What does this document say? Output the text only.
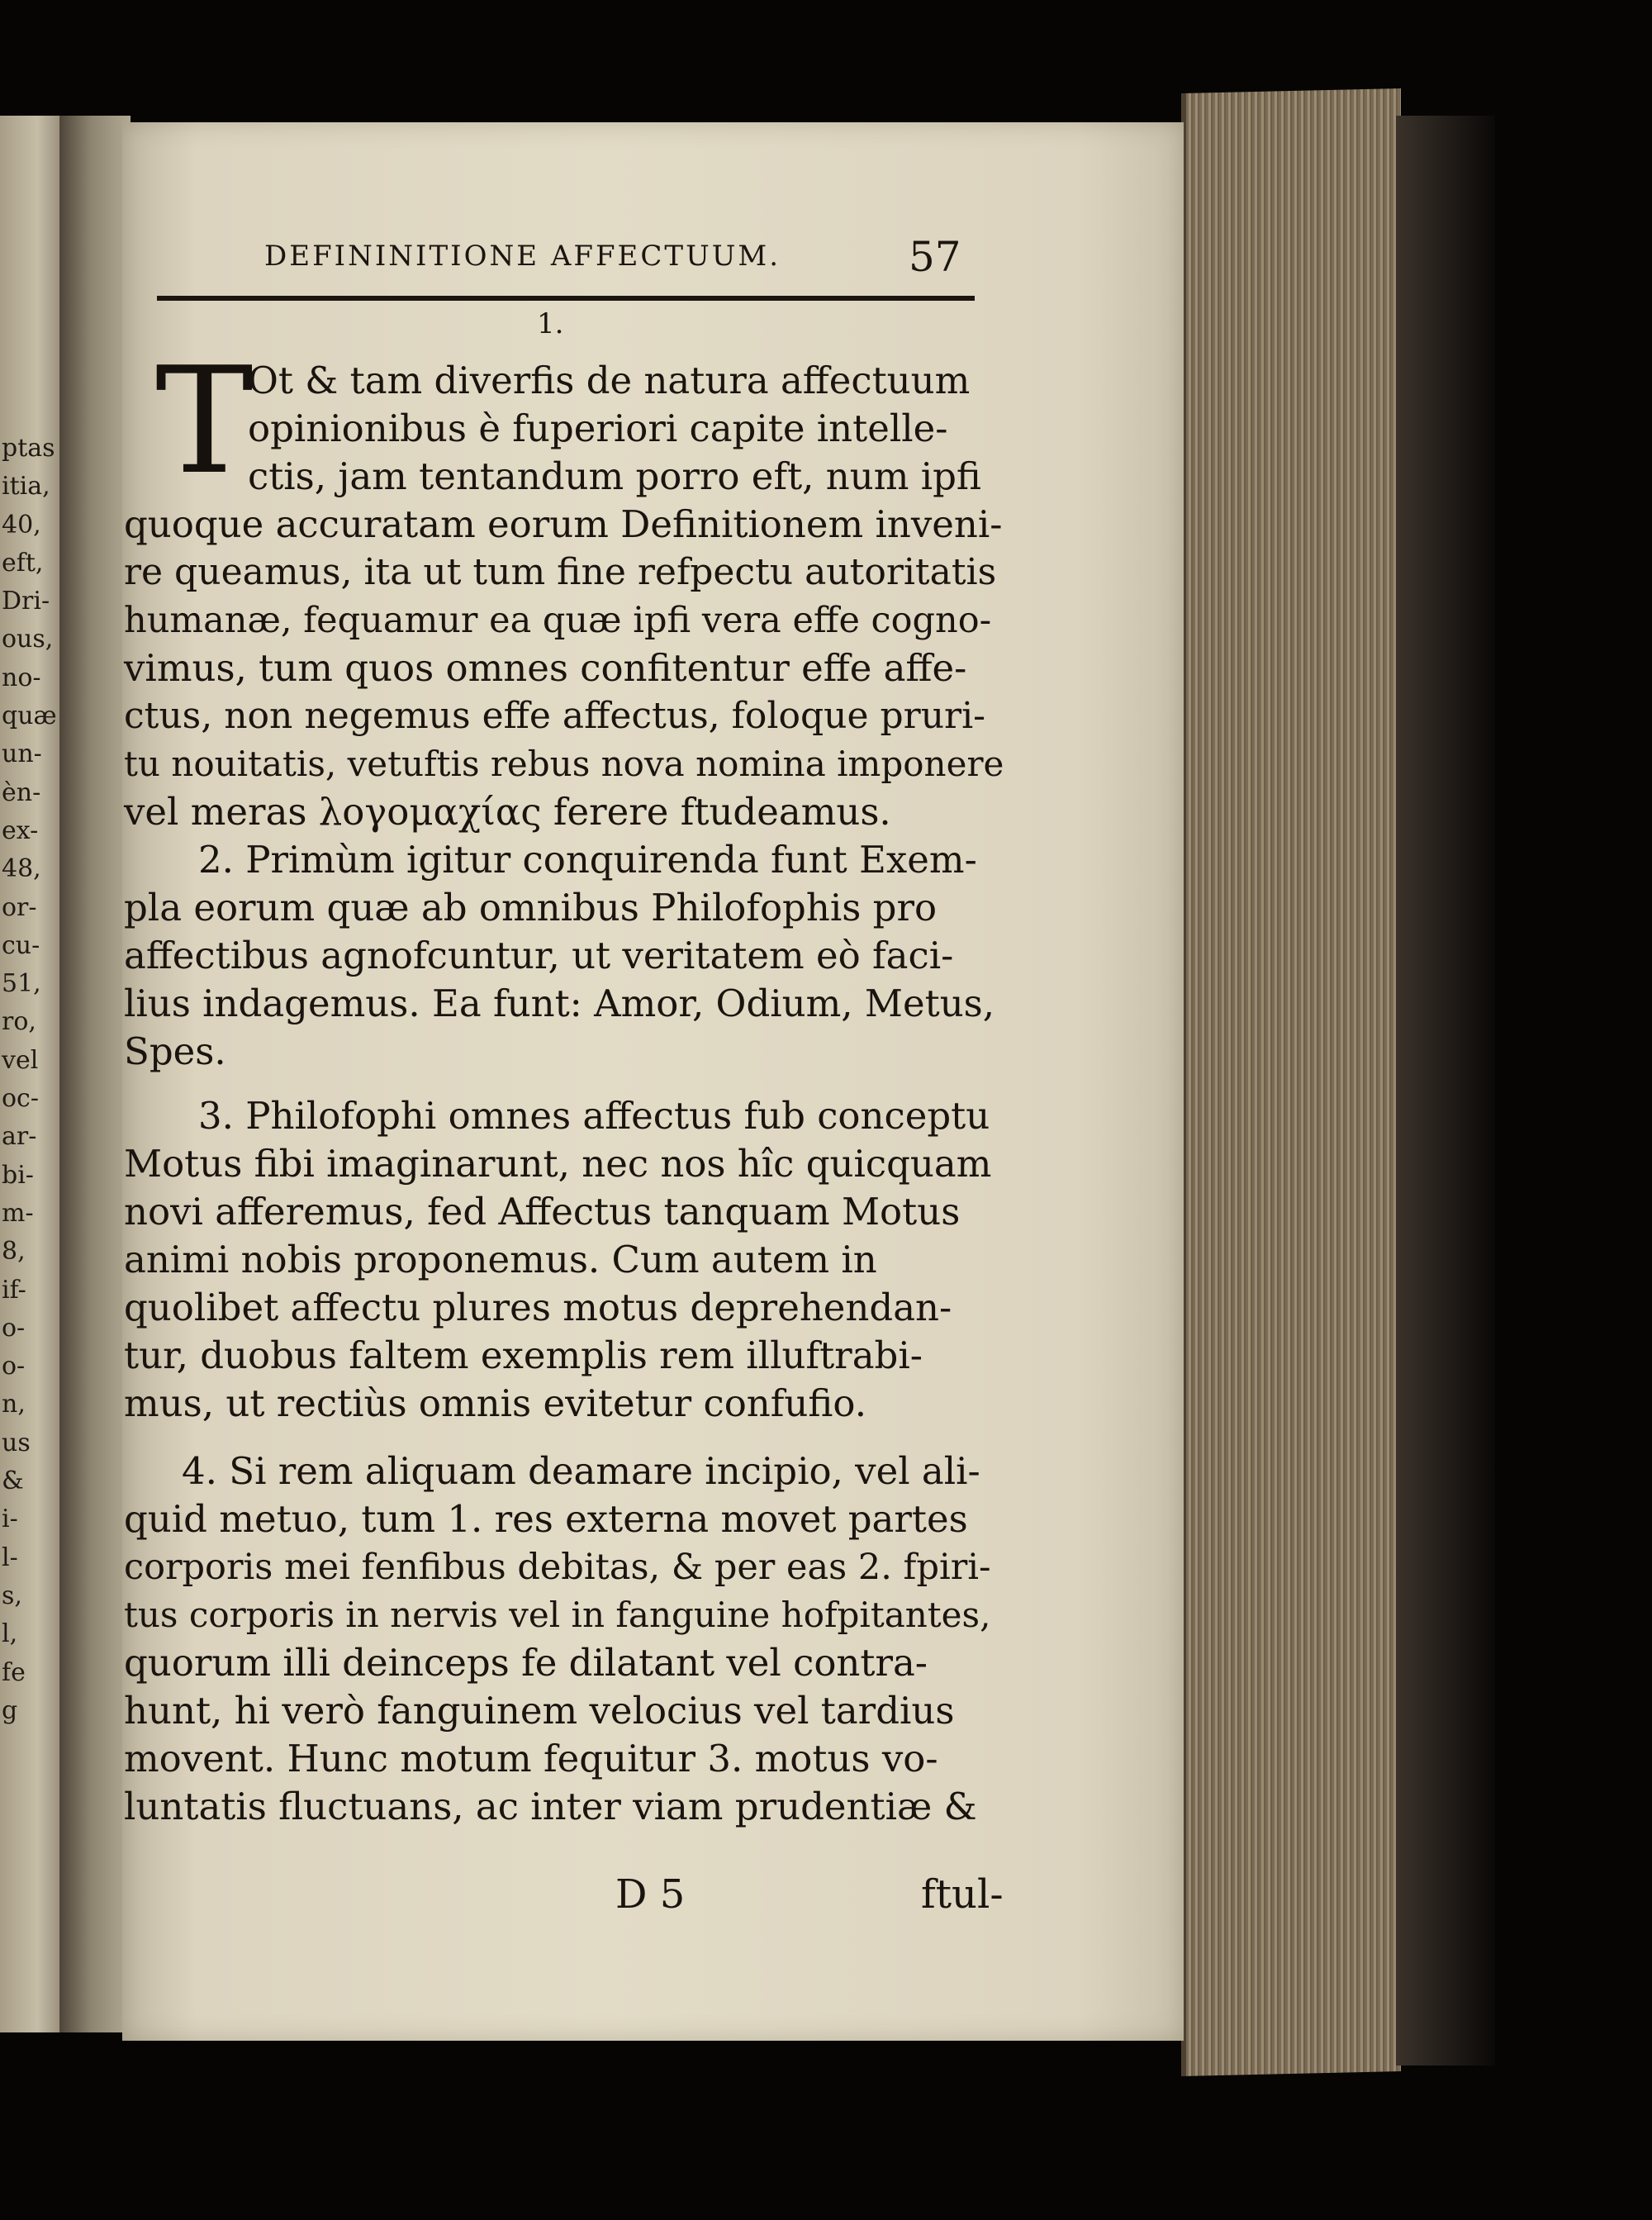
ptas
itia,
40,
eft,
Dri-
ous,
no-
quæ
un-
èn-
ex-
48,
or-
cu-
51,
ro,
vel
oc-
ar-
bi-
m-
8,
if-
o-
o-
n,
us
&
i-
l-
s,
l,
fe
g
DEFININITIONE AFFECTUUM.	57
1.
T
Ot & tam diverfis de natura affectuum
opinionibus è fuperiori capite intelle-
ctis, jam tentandum porro eft, num ipfi
quoque accuratam eorum Definitionem inveni-
re queamus, ita ut tum fine refpectu autoritatis
humanæ, fequamur ea quæ ipfi vera effe cogno-
vimus, tum quos omnes confitentur effe affe-
ctus, non negemus effe affectus, foloque pruri-
tu nouitatis, vetuftis rebus nova nomina imponere
vel meras λογομαχίας ferere ftudeamus.
2. Primùm igitur conquirenda funt Exem-
pla eorum quæ ab omnibus Philofophis pro
affectibus agnofcuntur, ut veritatem eò faci-
lius indagemus. Ea funt: Amor, Odium, Metus,
Spes.
3. Philofophi omnes affectus fub conceptu
Motus fibi imaginarunt, nec nos hîc quicquam
novi afferemus, fed Affectus tanquam Motus
animi nobis proponemus. Cum autem in
quolibet affectu plures motus deprehendan-
tur, duobus faltem exemplis rem illuftrabi-
mus, ut rectiùs omnis evitetur confufio.
4. Si rem aliquam deamare incipio, vel ali-
quid metuo, tum 1. res externa movet partes
corporis mei fenfibus debitas, & per eas 2. fpiri-
tus corporis in nervis vel in fanguine hofpitantes,
quorum illi deinceps fe dilatant vel contra-
hunt, hi verò fanguinem velocius vel tardius
movent. Hunc motum fequitur 3. motus vo-
luntatis fluctuans, ac inter viam prudentiæ &
D 5	ftul-
